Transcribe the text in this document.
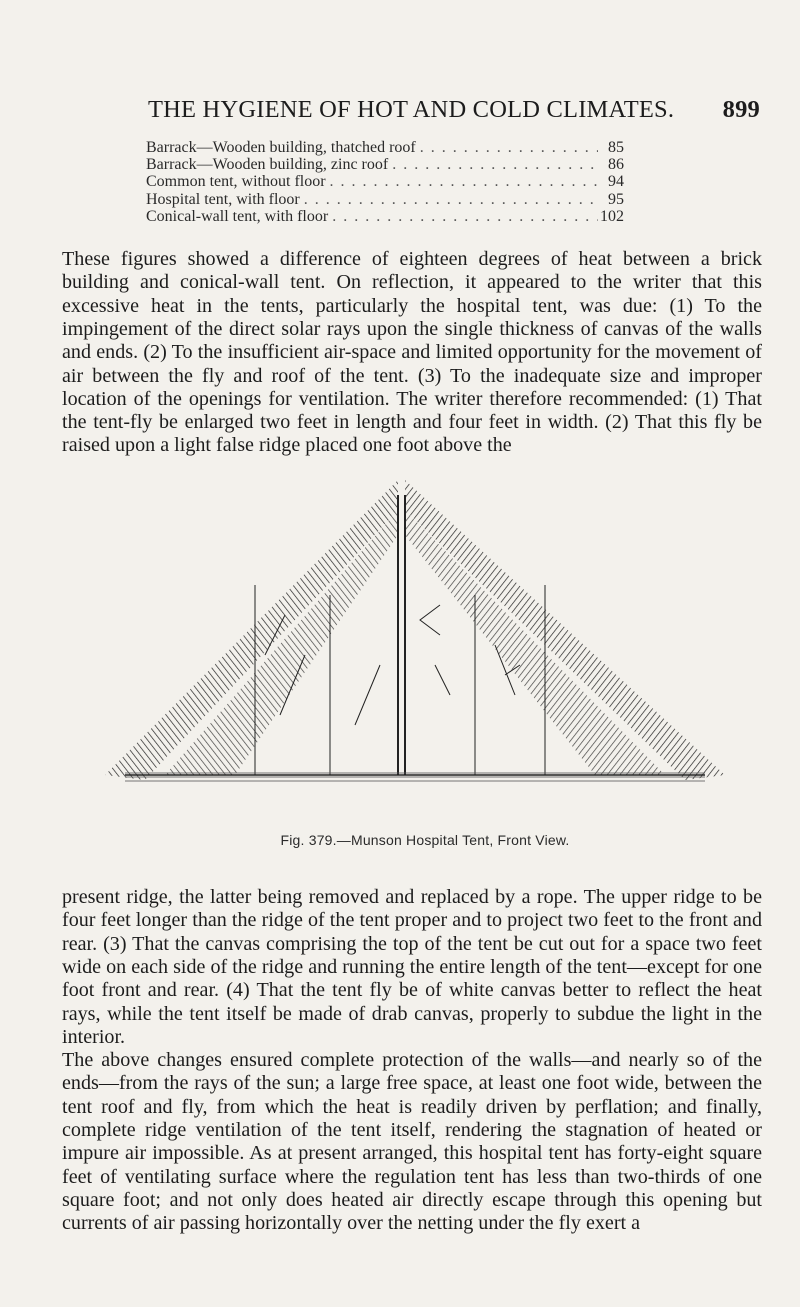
THE HYGIENE OF HOT AND COLD CLIMATES. 899
Barrack—Wooden building, thatched roof . . .	85
Barrack—Wooden building, zinc roof . . .	86
Common tent, without floor . . .	94
Hospital tent, with floor . . .	95
Conical-wall tent, with floor . . .	102

These figures showed a difference of eighteen degrees of heat between a brick building and conical-wall tent. On reflection, it appeared to the writer that this excessive heat in the tents, particularly the hospital tent, was due: (1) To the impingement of the direct solar rays upon the single thickness of canvas of the walls and ends. (2) To the insufficient air-space and limited opportunity for the movement of air between the fly and roof of the tent. (3) To the inadequate size and improper location of the openings for ventilation. The writer therefore recommended: (1) That the tent-fly be enlarged two feet in length and four feet in width. (2) That this fly be raised upon a light false ridge placed one foot above the

Fig. 379.—Munson Hospital Tent, Front View.

present ridge, the latter being removed and replaced by a rope. The upper ridge to be four feet longer than the ridge of the tent proper and to project two feet to the front and rear. (3) That the canvas comprising the top of the tent be cut out for a space two feet wide on each side of the ridge and running the entire length of the tent—except for one foot front and rear. (4) That the tent fly be of white canvas better to reflect the heat rays, while the tent itself be made of drab canvas, properly to subdue the light in the interior.

The above changes ensured complete protection of the walls—and nearly so of the ends—from the rays of the sun; a large free space, at least one foot wide, between the tent roof and fly, from which the heat is readily driven by perflation; and finally, complete ridge ventilation of the tent itself, rendering the stagnation of heated or impure air impossible. As at present arranged, this hospital tent has forty-eight square feet of ventilating surface where the regulation tent has less than two-thirds of one square foot; and not only does heated air directly escape through this opening but currents of air passing horizontally over the netting under the fly exert a
